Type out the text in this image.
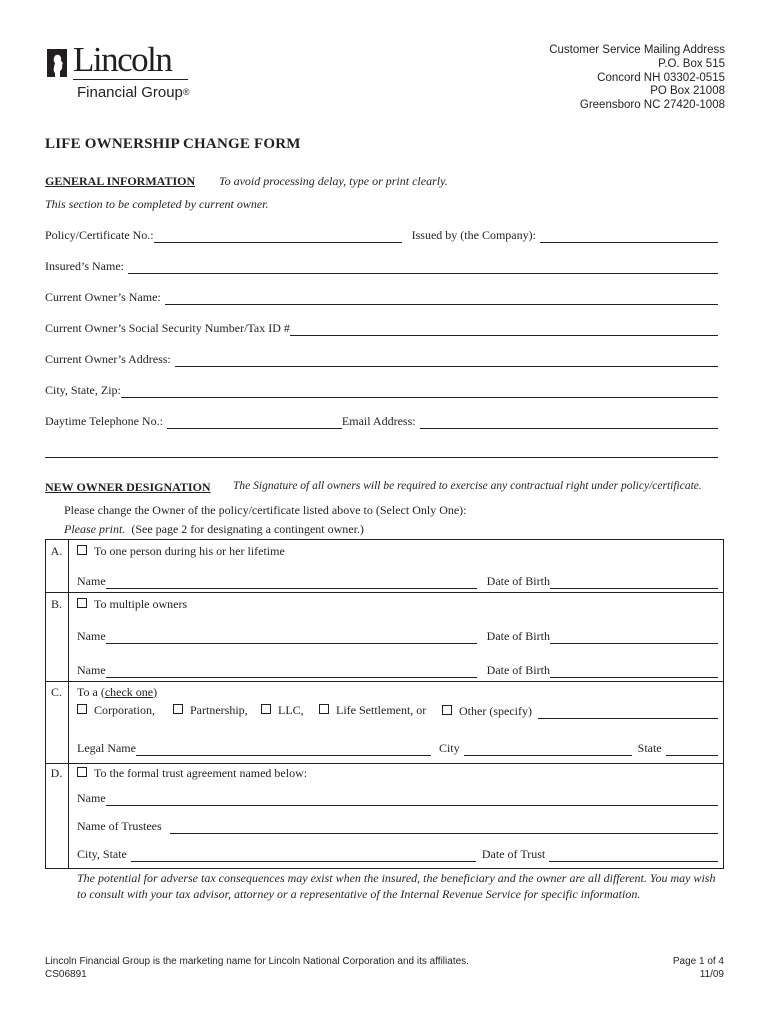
Lincoln
Financial Group®
Customer Service Mailing Address
P.O. Box 515
Concord NH 03302-0515
PO Box 21008
Greensboro NC 27420-1008
LIFE OWNERSHIP CHANGE FORM
GENERAL INFORMATION To avoid processing delay, type or print clearly.
This section to be completed by current owner.
Policy/Certificate No.:	Issued by (the Company):
Insured’s Name:
Current Owner’s Name:
Current Owner’s Social Security Number/Tax ID #
Current Owner’s Address:
City, State, Zip:
Daytime Telephone No.:	Email Address:
NEW OWNER DESIGNATION The Signature of all owners will be required to exercise any contractual right under policy/certificate.
Please change the Owner of the policy/certificate listed above to (Select Only One):
Please print. (See page 2 for designating a contingent owner.)
A.	To one person during his or her lifetime
Name	Date of Birth
B.	To multiple owners
Name	Date of Birth
Name	Date of Birth
C.	To a (check one)
Corporation,	Partnership,	LLC,	Life Settlement, or	Other (specify)
Legal Name	City	State
D.	To the formal trust agreement named below:
Name
Name of Trustees
City, State	Date of Trust
The potential for adverse tax consequences may exist when the insured, the beneficiary and the owner are all different. You may wish to consult with your tax advisor, attorney or a representative of the Internal Revenue Service for specific information.
Lincoln Financial Group is the marketing name for Lincoln National Corporation and its affiliates.
CS06891
Page 1 of 4
11/09
